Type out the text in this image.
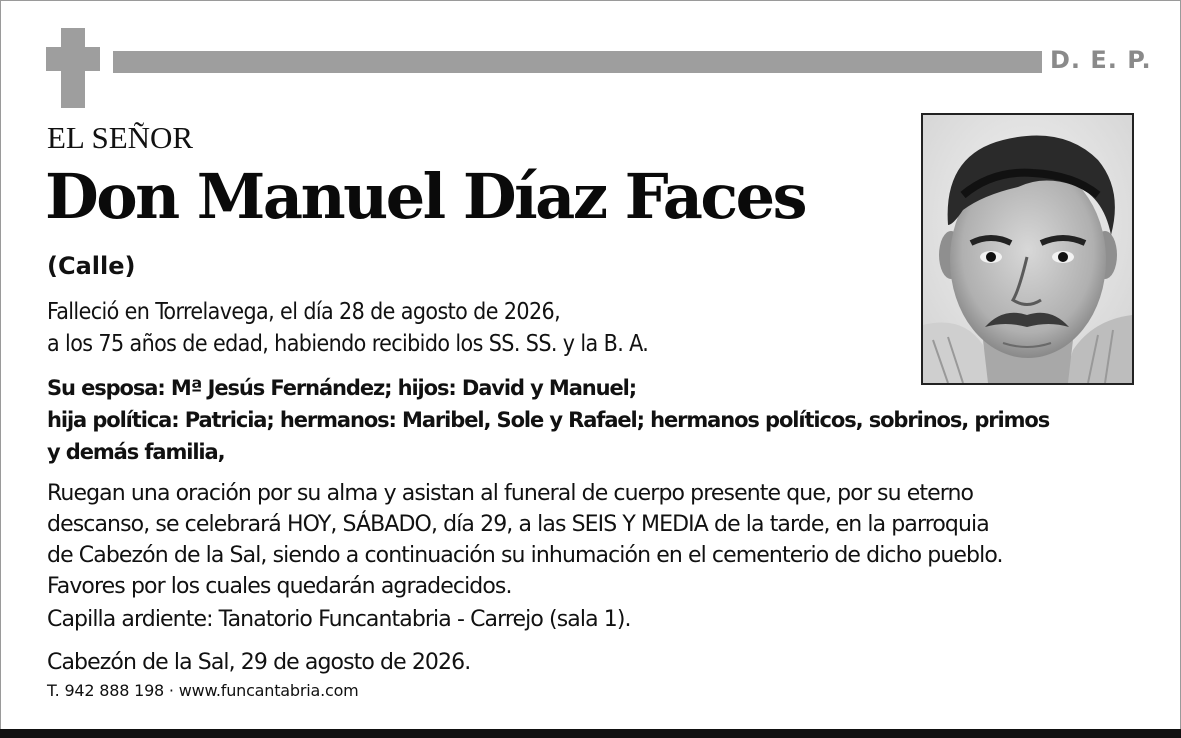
D. E. P.
EL SEÑOR
Don Manuel Díaz Faces
(Calle)
Falleció en Torrelavega, el día 28 de agosto de 2026,
a los 75 años de edad, habiendo recibido los SS. SS. y la B. A.
Su esposa: Mª Jesús Fernández; hijos: David y Manuel;
hija política: Patricia; hermanos: Maribel, Sole y Rafael; hermanos políticos, sobrinos, primos
y demás familia,
Ruegan una oración por su alma y asistan al funeral de cuerpo presente que, por su eterno
descanso, se celebrará HOY, SÁBADO, día 29, a las SEIS Y MEDIA de la tarde, en la parroquia
de Cabezón de la Sal, siendo a continuación su inhumación en el cementerio de dicho pueblo.
Favores por los cuales quedarán agradecidos.
Capilla ardiente: Tanatorio Funcantabria - Carrejo (sala 1).
Cabezón de la Sal, 29 de agosto de 2026.
T. 942 888 198 · www.funcantabria.com
